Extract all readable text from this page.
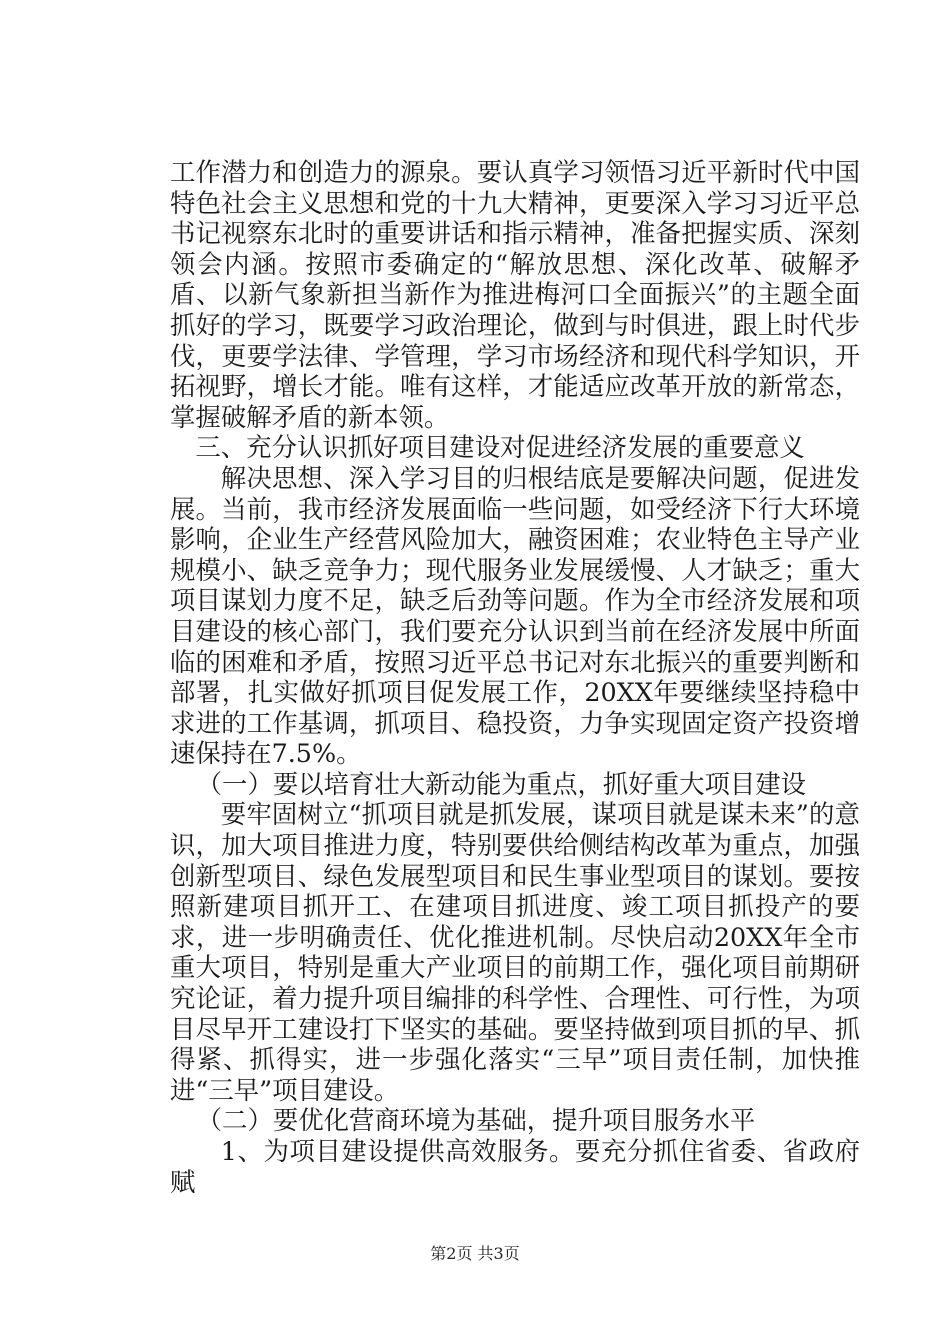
工作潜力和创造力的源泉。要认真学习领悟习近平新时代中国特色社会主义思想和党的十九大精神，更要深入学习习近平总书记视察东北时的重要讲话和指示精神，准备把握实质、深刻领会内涵。按照市委确定的“解放思想、深化改革、破解矛盾、以新气象新担当新作为推进梅河口全面振兴”的主题全面抓好的学习，既要学习政治理论，做到与时俱进，跟上时代步伐，更要学法律、学管理，学习市场经济和现代科学知识，开拓视野，增长才能。唯有这样，才能适应改革开放的新常态，掌握破解矛盾的新本领。

三、充分认识抓好项目建设对促进经济发展的重要意义

解决思想、深入学习目的归根结底是要解决问题，促进发展。当前，我市经济发展面临一些问题，如受经济下行大环境影响，企业生产经营风险加大，融资困难；农业特色主导产业规模小、缺乏竞争力；现代服务业发展缓慢、人才缺乏；重大项目谋划力度不足，缺乏后劲等问题。作为全市经济发展和项目建设的核心部门，我们要充分认识到当前在经济发展中所面临的困难和矛盾，按照习近平总书记对东北振兴的重要判断和部署，扎实做好抓项目促发展工作，20XX年要继续坚持稳中求进的工作基调，抓项目、稳投资，力争实现固定资产投资增速保持在7.5%。

（一）要以培育壮大新动能为重点，抓好重大项目建设

要牢固树立“抓项目就是抓发展，谋项目就是谋未来”的意识，加大项目推进力度，特别要供给侧结构改革为重点，加强创新型项目、绿色发展型项目和民生事业型项目的谋划。要按照新建项目抓开工、在建项目抓进度、竣工项目抓投产的要求，进一步明确责任、优化推进机制。尽快启动20XX年全市重大项目，特别是重大产业项目的前期工作，强化项目前期研究论证，着力提升项目编排的科学性、合理性、可行性，为项目尽早开工建设打下坚实的基础。要坚持做到项目抓的早、抓得紧、抓得实，进一步强化落实“三早”项目责任制，加快推进“三早”项目建设。

（二）要优化营商环境为基础，提升项目服务水平

1、为项目建设提供高效服务。要充分抓住省委、省政府赋

第2页 共3页
